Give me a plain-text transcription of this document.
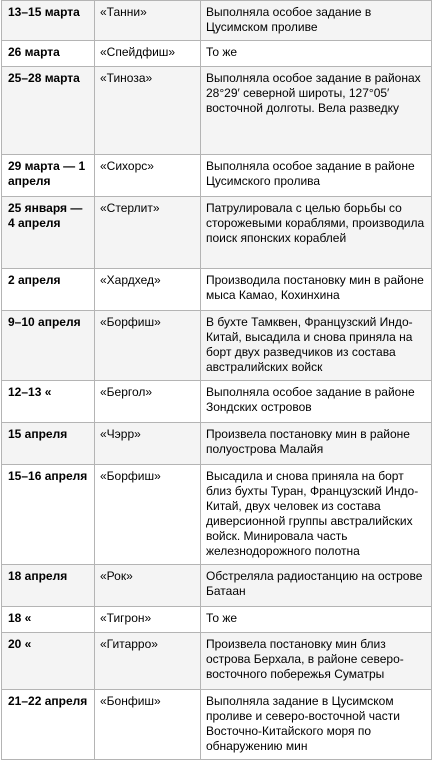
13–15 марта	«Танни»	Выполняла особое задание в Цусимском проливе
26 марта	«Спейдфиш»	То же
25–28 марта	«Тиноза»	Выполняла особое задание в районах 28°29′ северной широты, 127°05′ восточной долготы. Вела разведку
29 марта — 1 апреля	«Сихорс»	Выполняла особое задание в районе Цусимского пролива
25 января — 4 апреля	«Стерлит»	Патрулировала с целью борьбы со сторожевыми кораблями, производила поиск японских кораблей
2 апреля	«Хардхед»	Производила постановку мин в районе мыса Камао, Кохинхина
9–10 апреля	«Борфиш»	В бухте Тамквен, Французский Индо-Китай, высадила и снова приняла на борт двух разведчиков из состава австралийских войск
12–13 «	«Бергол»	Выполняла особое задание в районе Зондских островов
15 апреля	«Чэрр»	Произвела постановку мин в районе полуострова Малайя
15–16 апреля	«Борфиш»	Высадила и снова приняла на борт близ бухты Туран, Французский Индо-Китай, двух человек из состава диверсионной группы австралийских войск. Минировала часть железнодорожного полотна
18 апреля	«Рок»	Обстреляла радиостанцию на острове Батаан
18 «	«Тигрон»	То же
20 «	«Гитарро»	Произвела постановку мин близ острова Берхала, в районе северо-восточного побережья Суматры
21–22 апреля	«Бонфиш»	Выполняла задание в Цусимском проливе и северо-восточной части Восточно-Китайского моря по обнаружению мин
